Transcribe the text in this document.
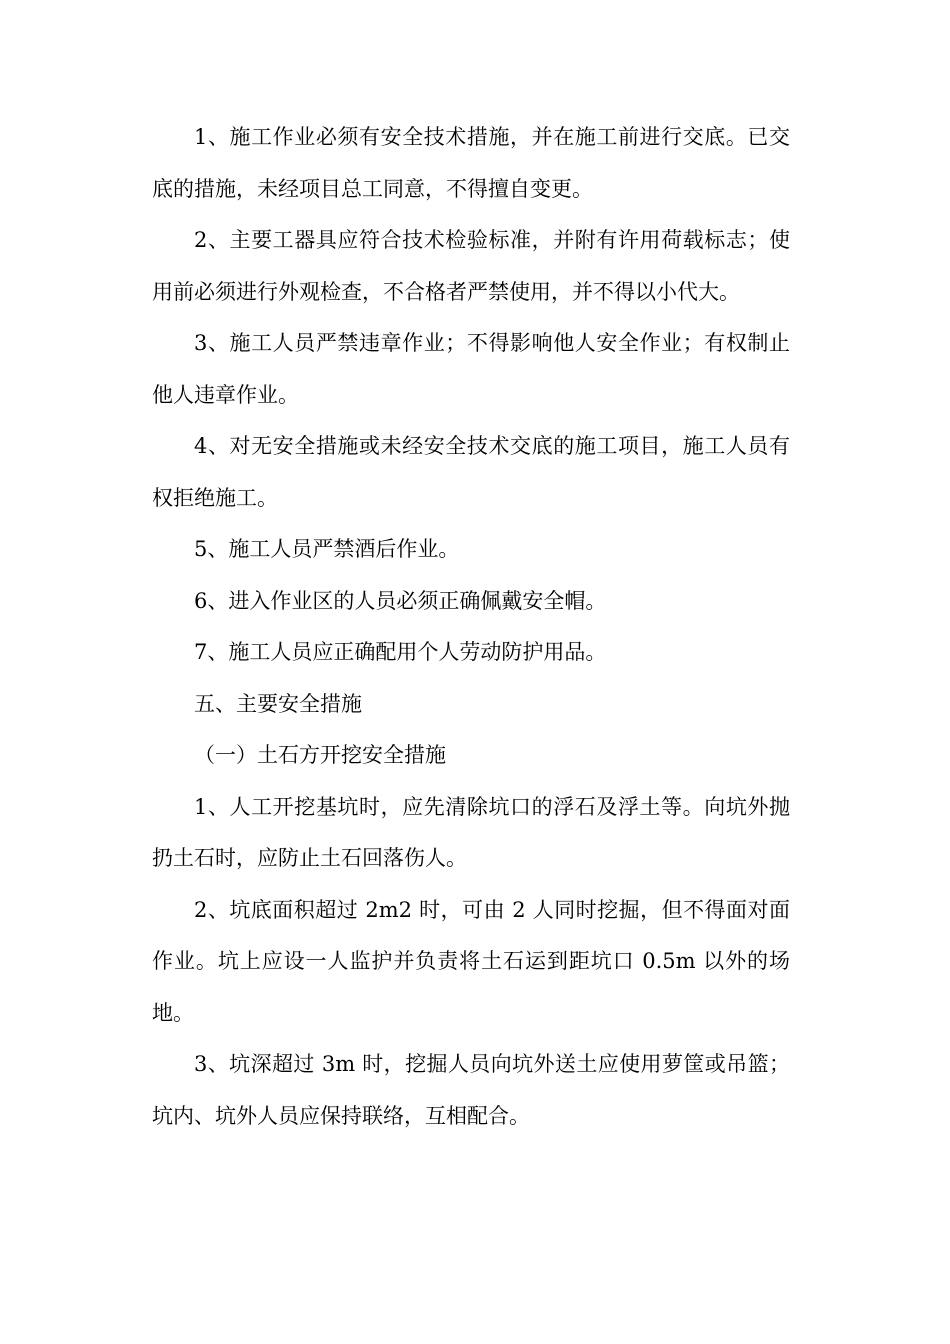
1、施工作业必须有安全技术措施，并在施工前进行交底。已交底的措施，未经项目总工同意，不得擅自变更。

2、主要工器具应符合技术检验标准，并附有许用荷载标志；使用前必须进行外观检查，不合格者严禁使用，并不得以小代大。

3、施工人员严禁违章作业；不得影响他人安全作业；有权制止他人违章作业。

4、对无安全措施或未经安全技术交底的施工项目，施工人员有权拒绝施工。

5、施工人员严禁酒后作业。

6、进入作业区的人员必须正确佩戴安全帽。

7、施工人员应正确配用个人劳动防护用品。

五、主要安全措施

（一）土石方开挖安全措施

1、人工开挖基坑时，应先清除坑口的浮石及浮土等。向坑外抛扔土石时，应防止土石回落伤人。

2、坑底面积超过 2m2 时，可由 2 人同时挖掘，但不得面对面作业。坑上应设一人监护并负责将土石运到距坑口 0.5m 以外的场地。

3、坑深超过 3m 时，挖掘人员向坑外送土应使用萝筐或吊篮；坑内、坑外人员应保持联络，互相配合。
